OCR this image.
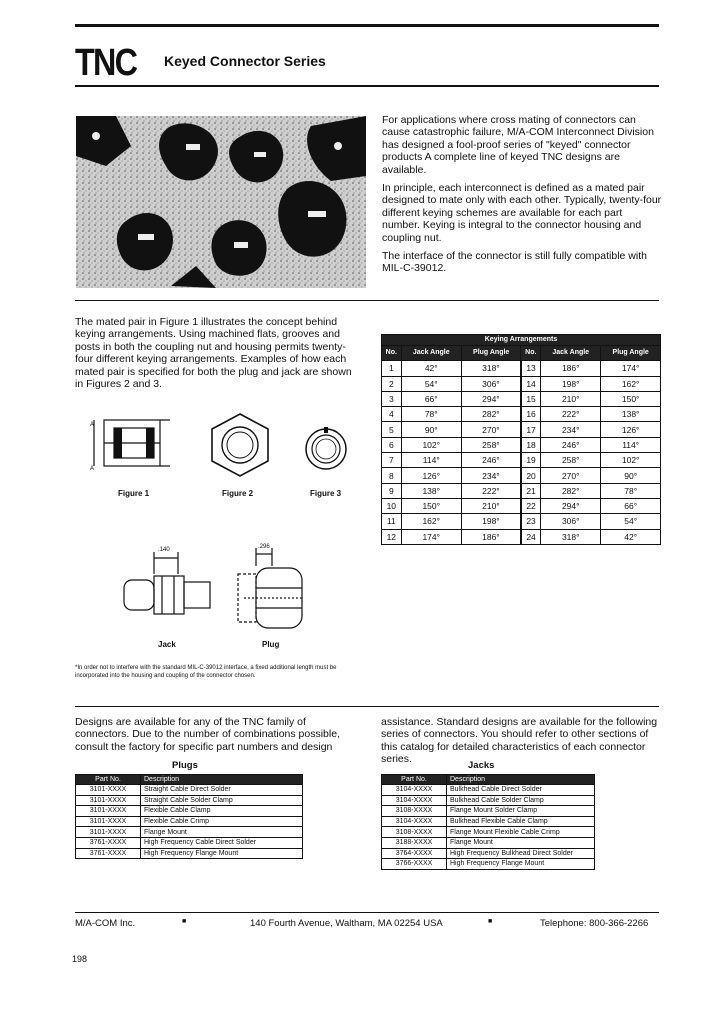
TNC Keyed Connector Series

For applications where cross mating of connectors can cause catastrophic failure, M/A-COM Interconnect Division has designed a fool-proof series of "keyed" connector products A complete line of keyed TNC designs are available.

In principle, each interconnect is defined as a mated pair designed to mate only with each other. Typically, twenty-four different keying schemes are available for each part number. Keying is integral to the connector housing and coupling nut.

The interface of the connector is still fully compatible with MIL-C-39012.

The mated pair in Figure 1 illustrates the concept behind keying arrangements. Using machined flats, grooves and posts in both the coupling nut and housing permits twenty-four different keying arrangements. Examples of how each mated pair is specified for both the plug and jack are shown in Figures 2 and 3.
A
A
Figure 1	Figure 2	Figure 3
.140
Jack
.296
Plug
*In order not to interfere with the standard MIL-C-39012 interface, a fixed additional length must be incorporated into the housing and coupling of the connector chosen.
Keying Arrangements					
No.	Jack Angle	Plug Angle	No.	Jack Angle	Plug Angle
1	42°	318°	13	186°	174°
2	54°	306°	14	198°	162°
3	66°	294°	15	210°	150°
4	78°	282°	16	222°	138°
5	90°	270°	17	234°	126°
6	102°	258°	18	246°	114°
7	114°	246°	19	258°	102°
8	126°	234°	20	270°	90°
9	138°	222°	21	282°	78°
10	150°	210°	22	294°	66°
11	162°	198°	23	306°	54°
12	174°	186°	24	318°	42°
Designs are available for any of the TNC family of connectors. Due to the number of combinations possible, consult the factory for specific part numbers and design
assistance. Standard designs are available for the following series of connectors. You should refer to other sections of this catalog for detailed characteristics of each connector series.
Plugs
Part No.	Description
3101-XXXX	Straight Cable Direct Solder
3101-XXXX	Straight Cable Solder Clamp
3101-XXXX	Flexible Cable Clamp
3101-XXXX	Flexible Cable Crimp
3101-XXXX	Flange Mount
3761-XXXX	High Frequency Cable Direct Solder
3761-XXXX	High Frequency Flange Mount
Jacks
Part No.	Description
3104-XXXX	Bulkhead Cable Direct Solder
3104-XXXX	Bulkhead Cable Solder Clamp
3108-XXXX	Flange Mount Solder Clamp
3104-XXXX	Bulkhead Flexible Cable Clamp
3108-XXXX	Flange Mount Flexible Cable Crimp
3188-XXXX	Flange Mount
3764-XXXX	High Frequency Bulkhead Direct Solder
3766-XXXX	High Frequency Flange Mount
M/A-COM Inc.	■	140 Fourth Avenue, Waltham, MA 02254 USA	■	Telephone: 800-366-2266
198
